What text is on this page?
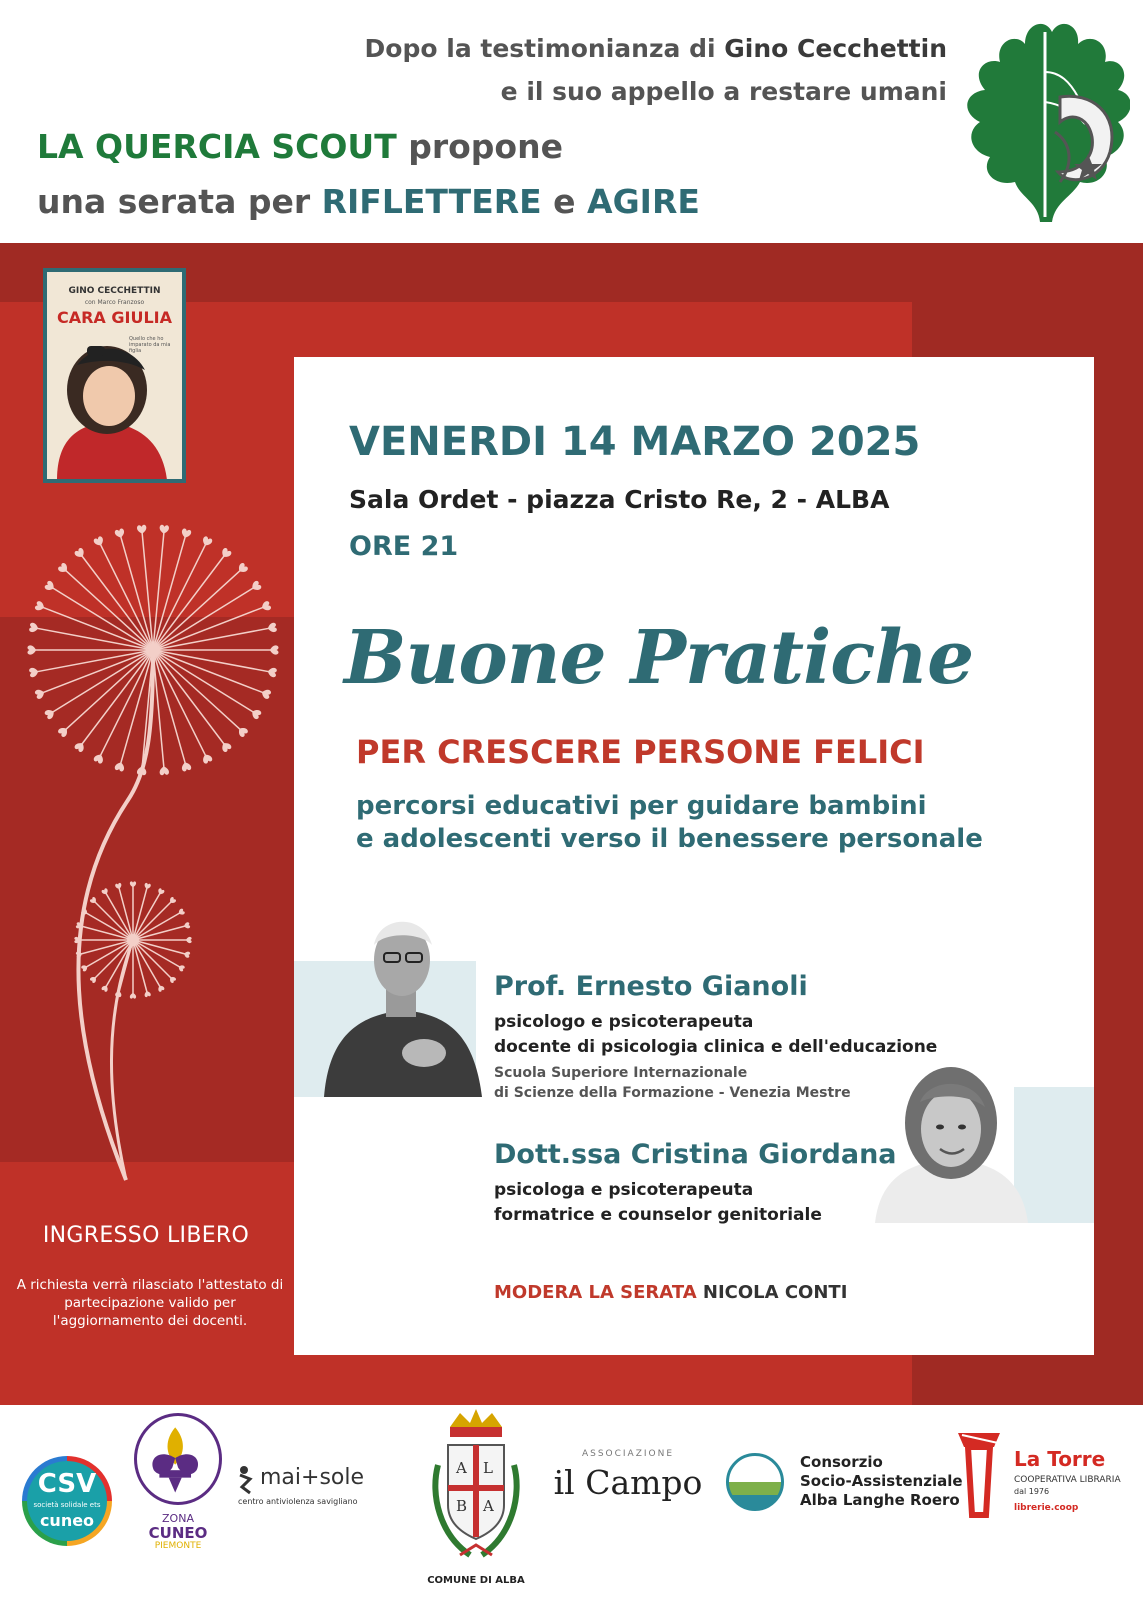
Dopo la testimonianza di Gino Cecchettin
e il suo appello a restare umani
LA QUERCIA SCOUT propone
una serata per RIFLETTERE e AGIRE
GINO CECCHETTIN
con Marco Franzoso
CARA GIULIA
Quello che ho imparato da mia figlia
INGRESSO LIBERO
A richiesta verrà rilasciato l'attestato di partecipazione valido per l'aggiornamento dei docenti.
VENERDI 14 MARZO 2025
Sala Ordet - piazza Cristo Re, 2 - ALBA
ORE 21
Buone Pratiche
PER CRESCERE PERSONE FELICI
percorsi educativi per guidare bambini
e adolescenti verso il benessere personale
Prof. Ernesto Gianoli
psicologo e psicoterapeuta
docente di psicologia clinica e dell'educazione
Scuola Superiore Internazionale
di Scienze della Formazione - Venezia Mestre
Dott.ssa Cristina Giordana
psicologa e psicoterapeuta
formatrice e counselor genitoriale
MODERA LA SERATA NICOLA CONTI
CSV
società solidale ets
cuneo	ZONA
CUNEO
PIEMONTE
mai+sole
centro antiviolenza savigliano
A L
B A
COMUNE DI ALBA
ASSOCIAZIONE
il Campo
Consorzio
Socio-Assistenziale
Alba Langhe Roero
La Torre
COOPERATIVA LIBRARIA
dal 1976
librerie.coop
